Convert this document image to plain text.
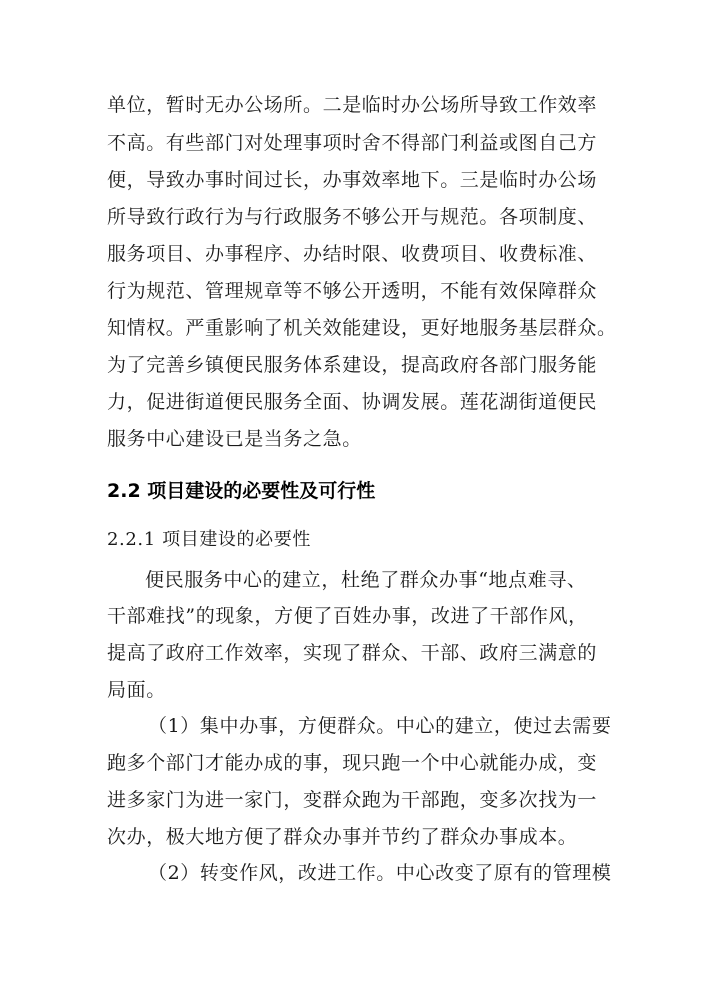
单位，暂时无办公场所。二是临时办公场所导致工作效率
不高。有些部门对处理事项时舍不得部门利益或图自己方
便，导致办事时间过长，办事效率地下。三是临时办公场
所导致行政行为与行政服务不够公开与规范。各项制度、
服务项目、办事程序、办结时限、收费项目、收费标准、
行为规范、管理规章等不够公开透明，不能有效保障群众
知情权。严重影响了机关效能建设，更好地服务基层群众。
为了完善乡镇便民服务体系建设，提高政府各部门服务能
力，促进街道便民服务全面、协调发展。莲花湖街道便民
服务中心建设已是当务之急。
2.2 项目建设的必要性及可行性
2.2.1 项目建设的必要性
便民服务中心的建立，杜绝了群众办事“地点难寻、
干部难找”的现象，方便了百姓办事，改进了干部作风，
提高了政府工作效率，实现了群众、干部、政府三满意的
局面。
（1）集中办事，方便群众。中心的建立，使过去需要
跑多个部门才能办成的事，现只跑一个中心就能办成，变
进多家门为进一家门，变群众跑为干部跑，变多次找为一
次办，极大地方便了群众办事并节约了群众办事成本。
（2）转变作风，改进工作。中心改变了原有的管理模
